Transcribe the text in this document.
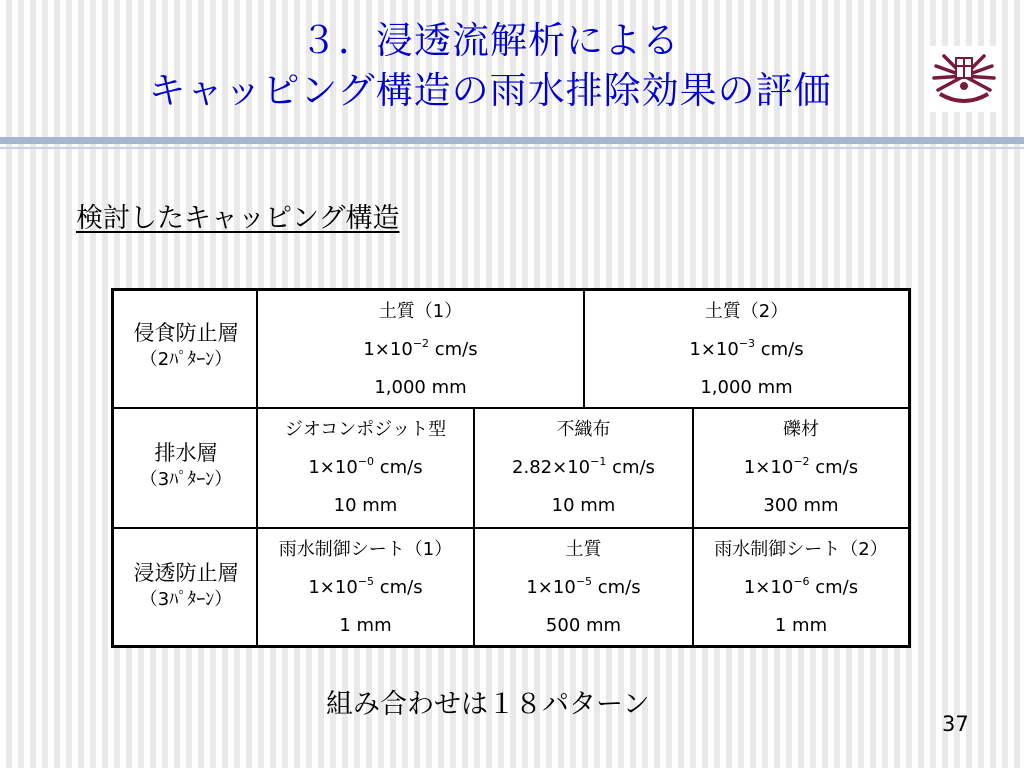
３．浸透流解析による
キャッピング構造の雨水排除効果の評価
検討したキャッピング構造
侵食防止層
（2ﾊﾟﾀｰﾝ）
土質（1）
$1\times 10^{-2}$ cm/s
1,000 mm
土質（2）
$1\times 10^{-3}$ cm/s
1,000 mm
排水層
（3ﾊﾟﾀｰﾝ）
ジオコンポジット型
$1\times 10^{-0}$ cm/s
10 mm
不織布
$2.82\times 10^{-1}$ cm/s
10 mm
礫材
$1\times 10^{-2}$ cm/s
300 mm
浸透防止層
（3ﾊﾟﾀｰﾝ）
雨水制御シート（1）
$1\times 10^{-5}$ cm/s
1 mm
土質
$1\times 10^{-5}$ cm/s
500 mm
雨水制御シート（2）
$1\times 10^{-6}$ cm/s
1 mm
組み合わせは１８パターン
37
